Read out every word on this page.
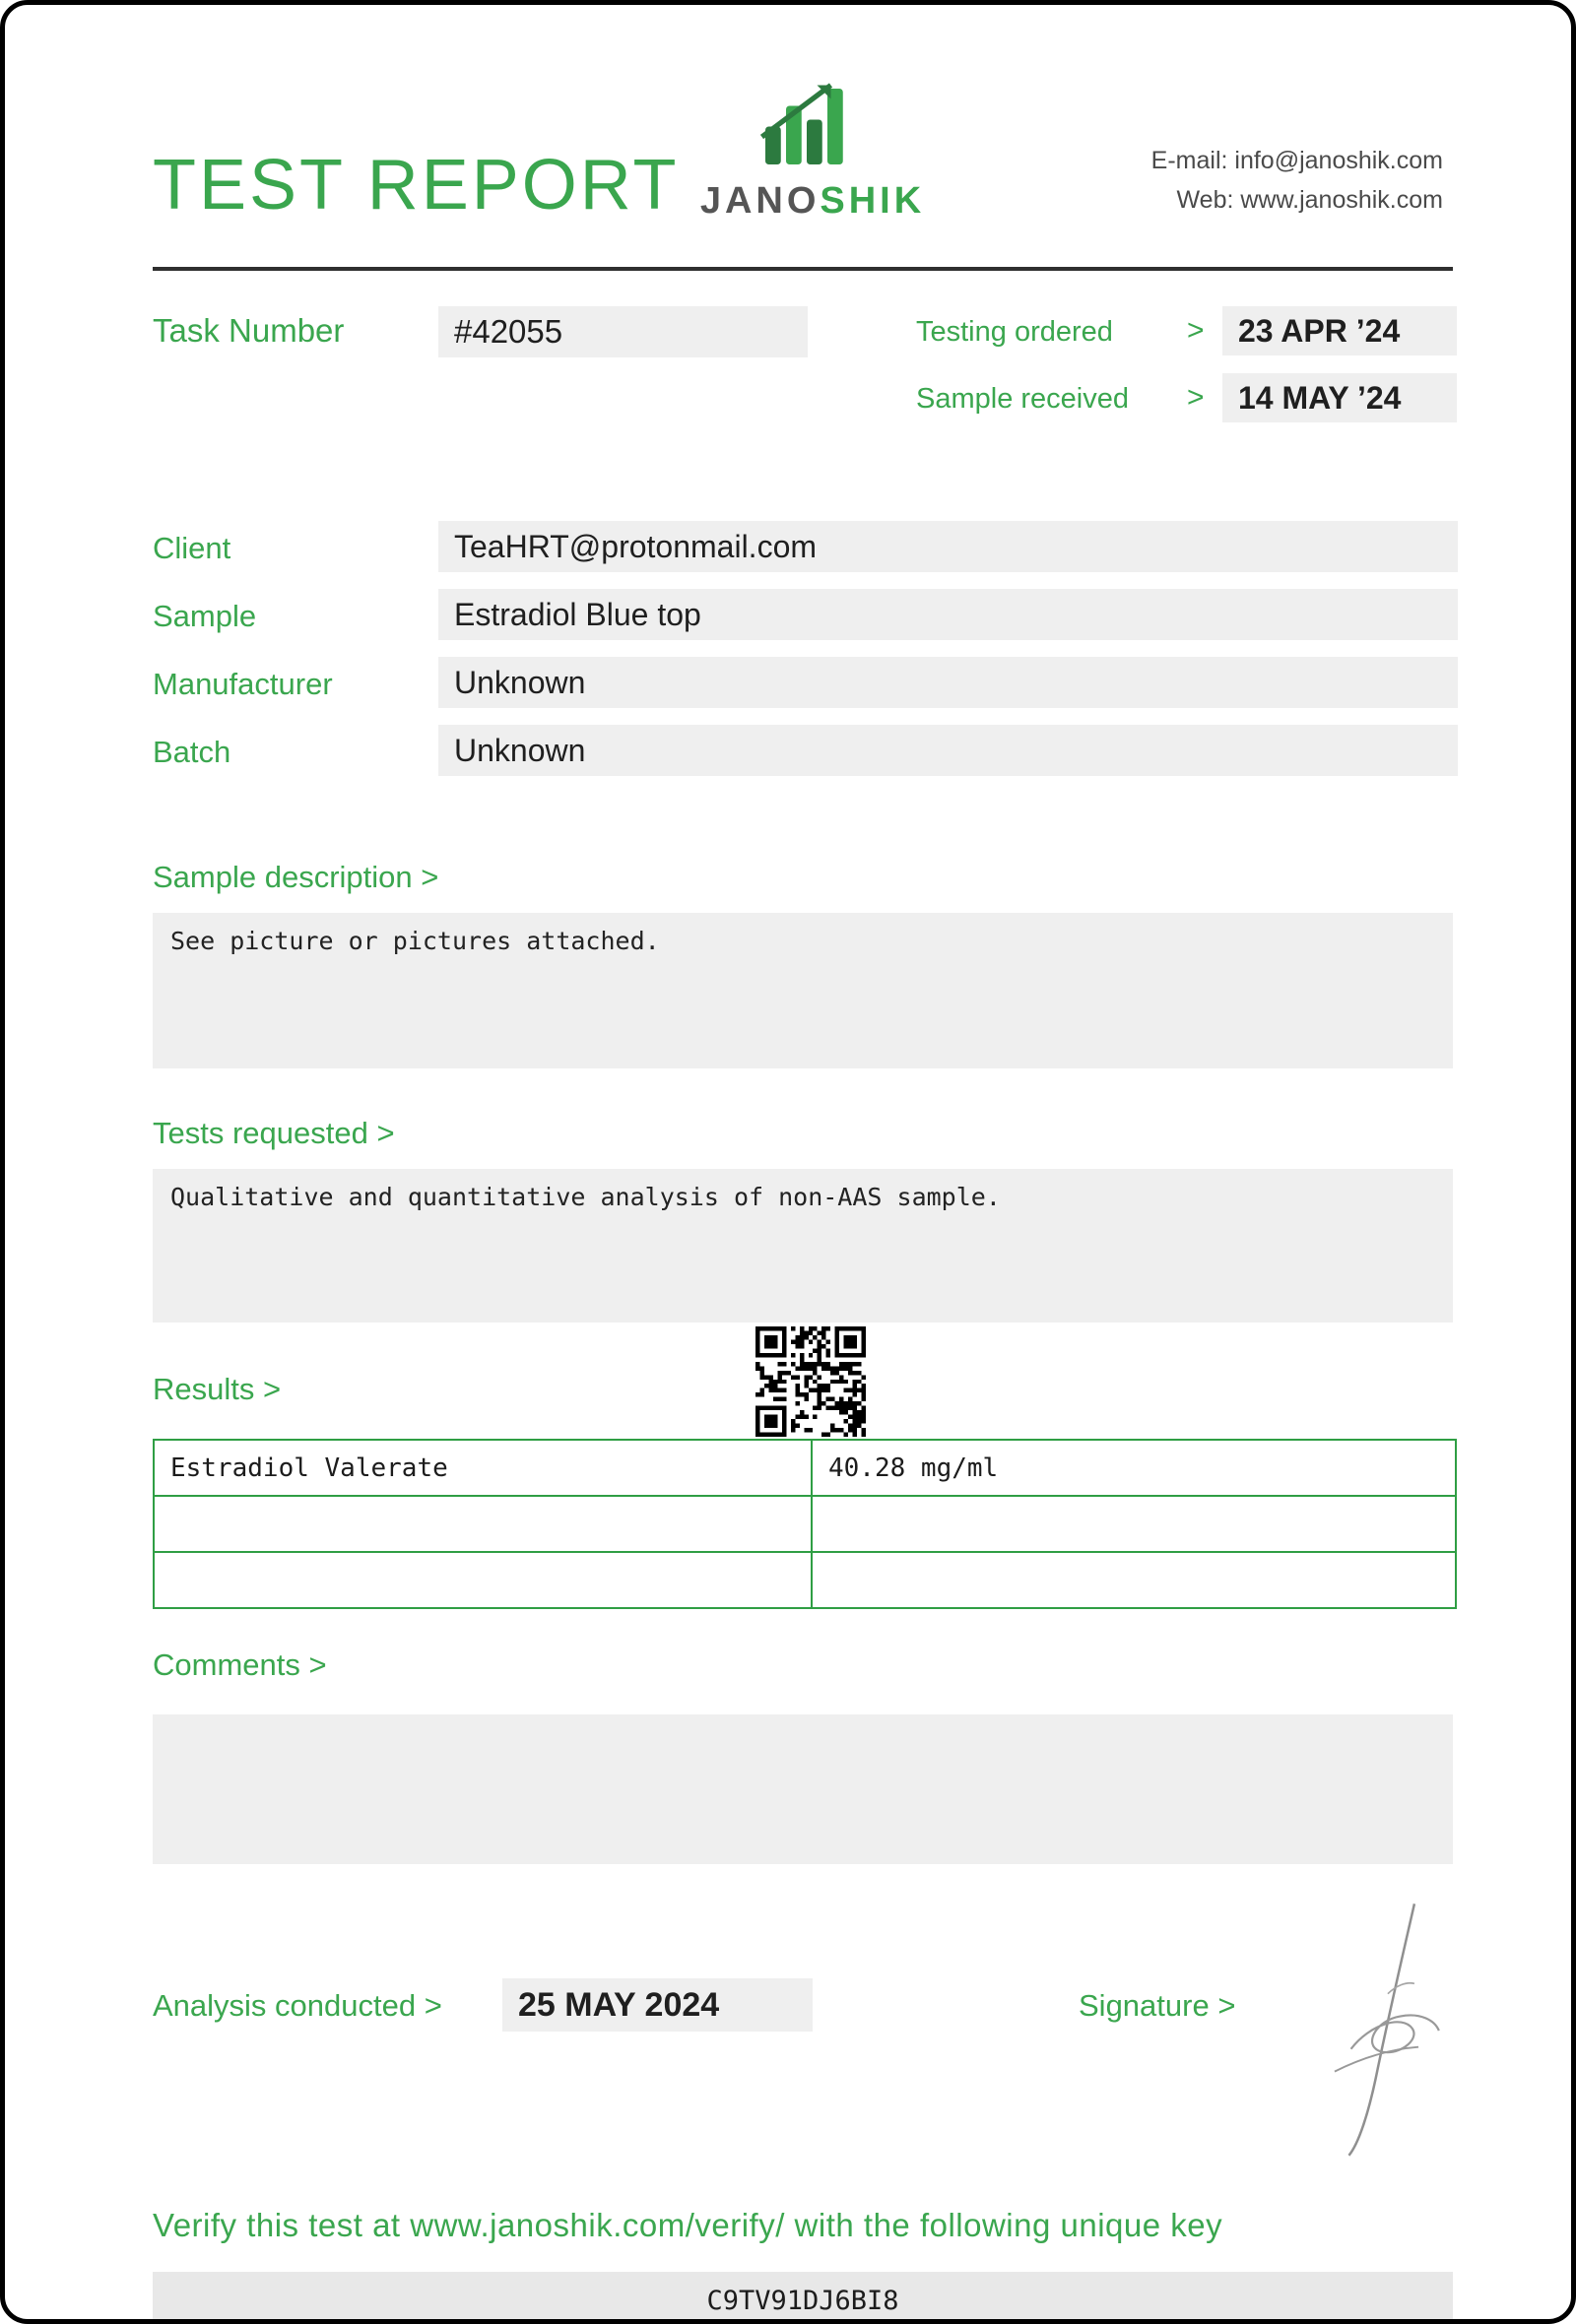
TEST REPORT JANOSHIK
E-mail: info@janoshik.com
Web: www.janoshik.com
Task Number	#42055	Testing ordered	> 23 APR ’24
Sample received > 14 MAY ’24
Client	TeaHRT@protonmail.com
Sample	Estradiol Blue top
Manufacturer	Unknown
Batch	Unknown
Sample description >
See picture or pictures attached.
Tests requested >
Qualitative and quantitative analysis of non-AAS sample.
Results >
Estradiol Valerate	40.28 mg/ml

Comments >
Analysis conducted > 25 MAY 2024	Signature >
Verify this test at www.janoshik.com/verify/ with the following unique key
C9TV91DJ6BI8
